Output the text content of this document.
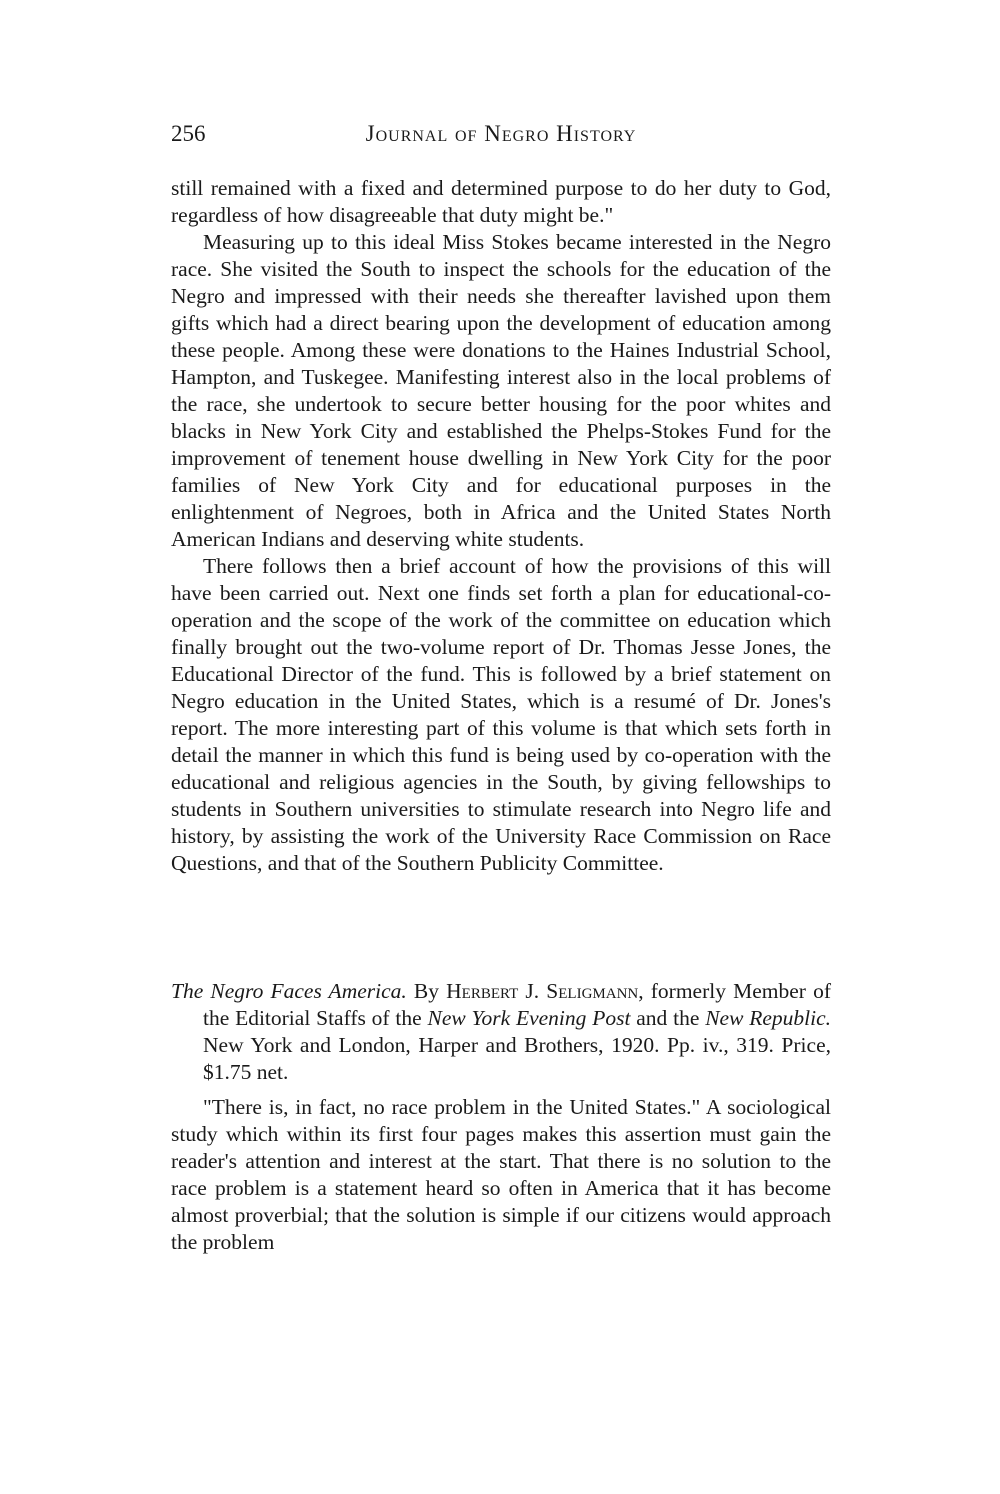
256	Journal of Negro History

still remained with a fixed and determined purpose to do her duty to God, regardless of how disagreeable that duty might be."

Measuring up to this ideal Miss Stokes became interested in the Negro race. She visited the South to inspect the schools for the education of the Negro and impressed with their needs she thereafter lavished upon them gifts which had a direct bearing upon the development of education among these people. Among these were donations to the Haines Industrial School, Hampton, and Tuskegee. Manifesting interest also in the local problems of the race, she undertook to secure better housing for the poor whites and blacks in New York City and established the Phelps-Stokes Fund for the improvement of tenement house dwelling in New York City for the poor families of New York City and for educational purposes in the enlightenment of Negroes, both in Africa and the United States North American Indians and deserving white students.

There follows then a brief account of how the provisions of this will have been carried out. Next one finds set forth a plan for educational-co-operation and the scope of the work of the committee on education which finally brought out the two-volume report of Dr. Thomas Jesse Jones, the Educational Director of the fund. This is followed by a brief statement on Negro education in the United States, which is a resumé of Dr. Jones's report. The more interesting part of this volume is that which sets forth in detail the manner in which this fund is being used by co-operation with the educational and religious agencies in the South, by giving fellowships to students in Southern universities to stimulate research into Negro life and history, by assisting the work of the University Race Commission on Race Questions, and that of the Southern Publicity Committee.

The Negro Faces America. By Herbert J. Seligmann, formerly Member of the Editorial Staffs of the New York Evening Post and the New Republic. New York and London, Harper and Brothers, 1920. Pp. iv., 319. Price, $1.75 net.

"There is, in fact, no race problem in the United States." A sociological study which within its first four pages makes this assertion must gain the reader's attention and interest at the start. That there is no solution to the race problem is a statement heard so often in America that it has become almost proverbial; that the solution is simple if our citizens would approach the problem
